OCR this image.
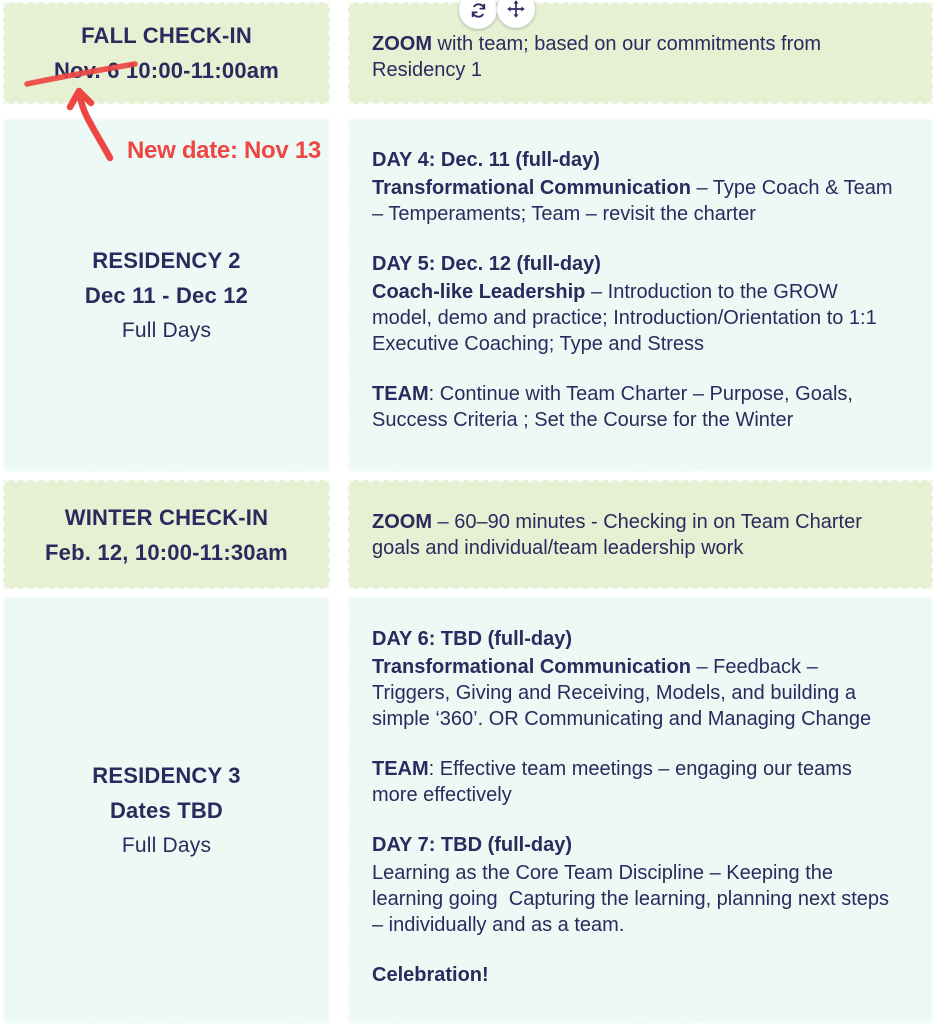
FALL CHECK-IN
Nov. 6 10:00-11:00am

ZOOM with team; based on our commitments from Residency 1

RESIDENCY 2
Dec 11 - Dec 12
Full Days

DAY 4: Dec. 11 (full-day)

Transformational Communication – Type Coach & Team – Temperaments; Team – revisit the charter

DAY 5: Dec. 12 (full-day)

Coach-like Leadership – Introduction to the GROW model, demo and practice; Introduction/Orientation to 1:1 Executive Coaching; Type and Stress

TEAM: Continue with Team Charter – Purpose, Goals, Success Criteria ; Set the Course for the Winter

WINTER CHECK-IN
Feb. 12, 10:00-11:30am

ZOOM – 60–90 minutes - Checking in on Team Charter goals and individual/team leadership work

RESIDENCY 3
Dates TBD
Full Days

DAY 6: TBD (full-day)

Transformational Communication – Feedback – Triggers, Giving and Receiving, Models, and building a simple ‘360’. OR Communicating and Managing Change

TEAM: Effective team meetings – engaging our teams more effectively

DAY 7: TBD (full-day)

Learning as the Core Team Discipline – Keeping the learning going  Capturing the learning, planning next steps – individually and as a team.

Celebration!

New date: Nov 13
